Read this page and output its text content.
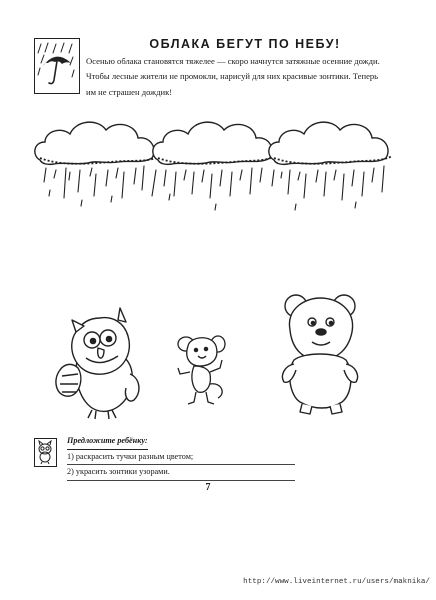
ОБЛАКА БЕГУТ ПО НЕБУ!

Осенью облака становятся тяжелее — скоро начнутся затяжные осенние дожди.

Чтобы лесные жители не промокли, нарисуй для них красивые зонтики. Теперь

им не страшен дождик!

Предложите ребёнку:
1) раскрасить тучки разным цветом;
2) украсить зонтики узорами.
7
http://www.liveinternet.ru/users/maknika/
